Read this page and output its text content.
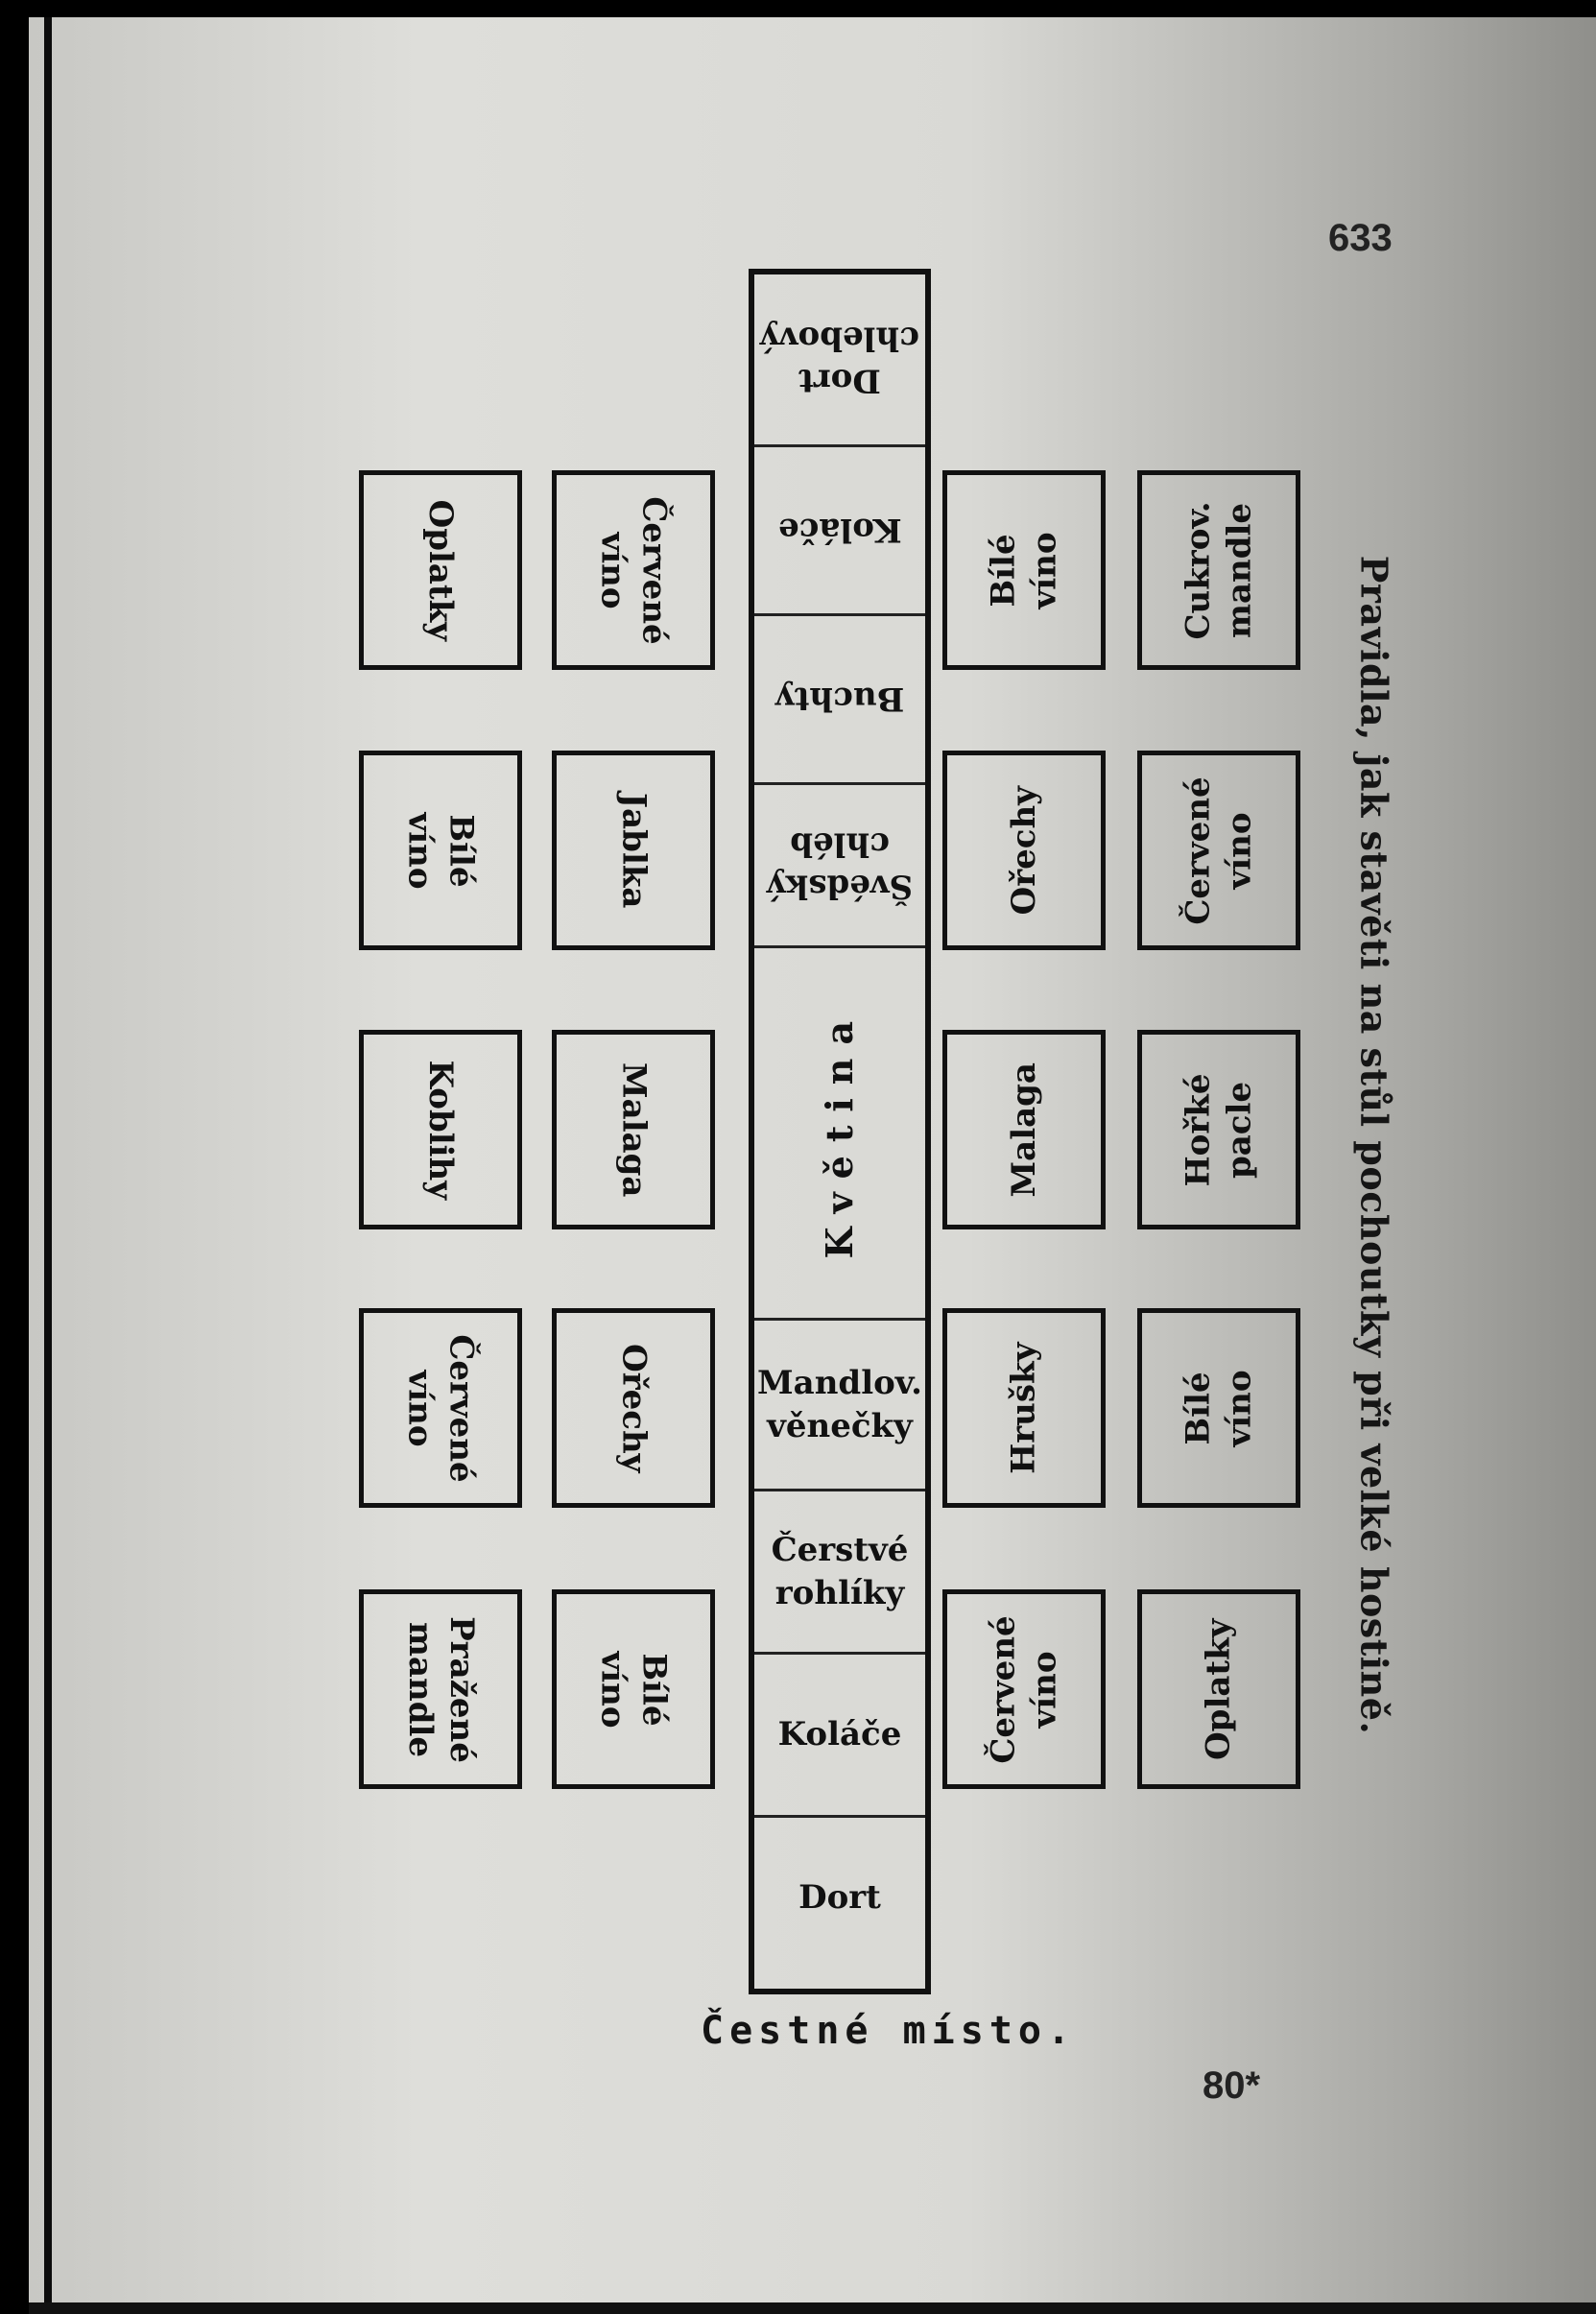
633
Pravidla, jak stavěti na stůl pochoutky při velké hostině.
Dort
chlebový
Koláče
Buchty
Švédský
chléb
Květina
Mandlov.
věnečky
Čerstvé
rohlíky
Koláče
Dort
Oplatky
Bílé víno
Koblihy
Červené
víno
Pražené
mandle
Červené
víno
Jablka
Malaga
Ořechy
Bílé víno
Bílé víno
Ořechy
Malaga
Hrušky
Červené
víno
Cukrov.
mandle
Červené
víno
Hořké
pacle
Bílé víno
Oplatky
Čestné místo.
80*
